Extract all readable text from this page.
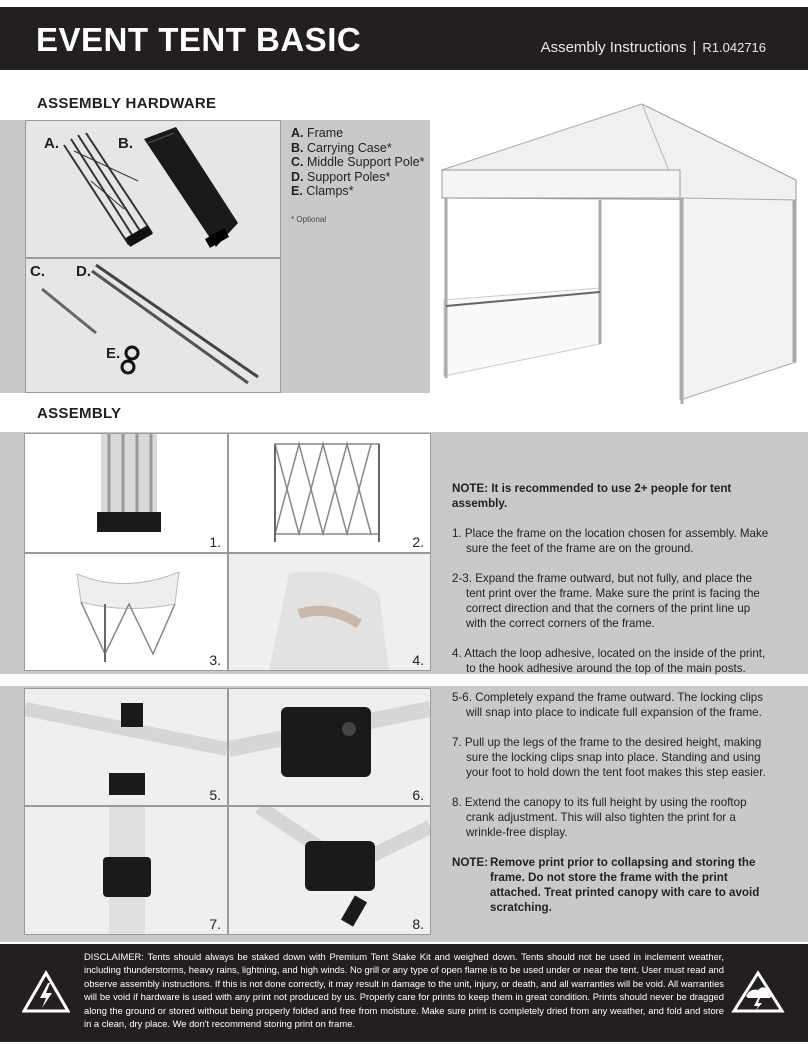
EVENT TENT BASIC	Assembly Instructions | R1.042716
ASSEMBLY HARDWARE
A.	B.
C. D.
E.
A. Frame
B. Carrying Case*
C. Middle Support Pole*
D. Support Poles*
E. Clamps*
* Optional
ASSEMBLY
1.	2.
3.	4.
5.	6.
7.	8.

NOTE: It is recommended to use 2+ people for tent assembly.

1. Place the frame on the location chosen for assembly. Make sure the feet of the frame are on the ground.

2-3. Expand the frame outward, but not fully, and place the tent print over the frame. Make sure the print is facing the correct direction and that the corners of the print line up with the correct corners of the frame.

4. Attach the loop adhesive, located on the inside of the print, to the hook adhesive around the top of the main posts.

5-6. Completely expand the frame outward. The locking clips will snap into place to indicate full expansion of the frame.

7. Pull up the legs of the frame to the desired height, making sure the locking clips snap into place. Standing and using your foot to hold down the tent foot makes this step easier.

8. Extend the canopy to its full height by using the rooftop crank adjustment. This will also tighten the print for a wrinkle-free display.

NOTE: Remove print prior to collapsing and storing the frame. Do not store the frame with the print attached. Treat printed canopy with care to avoid scratching.

DISCLAIMER: Tents should always be staked down with Premium Tent Stake Kit and weighed down. Tents should not be used in inclement weather, including thunderstorms, heavy rains, lightning, and high winds. No grill or any type of open flame is to be used under or near the tent. User must read and observe assembly instructions. If this is not done correctly, it may result in damage to the unit, injury, or death, and all warranties will be void. All warranties will be void if hardware is used with any print not produced by us. Properly care for prints to keep them in great condition. Prints should never be dragged along the ground or stored without being properly folded and free from moisture. Make sure print is completely dried from any weather, and fold and store in a clean, dry place. We don't recommend storing print on frame.
